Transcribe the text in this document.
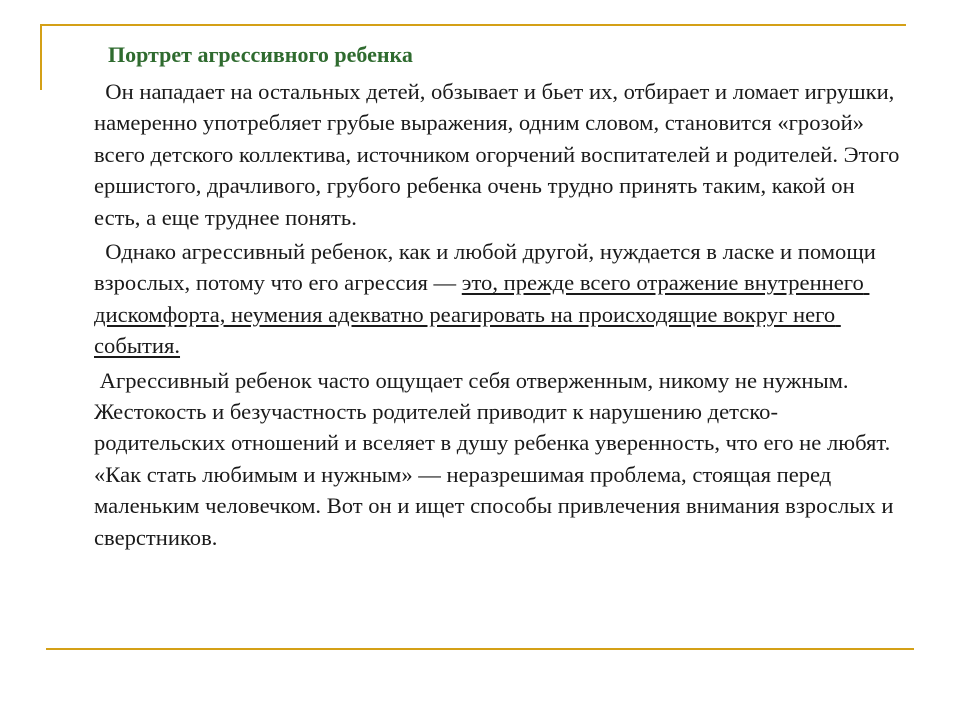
Портрет агрессивного ребенка

Он нападает на остальных детей, обзывает и бьет их, отбирает и ломает игрушки, намеренно употребляет грубые выражения, одним словом, становится «грозой» всего детского коллектива, источником огорчений воспитателей и родителей. Этого ершистого, драчливого, грубого ребенка очень трудно принять таким, какой он есть, а еще труднее понять.

Однако агрессивный ребенок, как и любой другой, нуждается в ласке и помощи взрослых, потому что его агрессия — это, прежде всего отражение внутреннего дискомфорта, неумения адекватно реагировать на происходящие вокруг него события.

Агрессивный ребенок часто ощущает себя отверженным, никому не нужным. Жестокость и безучастность родителей приводит к нарушению детско-родительских отношений и вселяет в душу ребенка уверенность, что его не любят. «Как стать любимым и нужным» — неразрешимая проблема, стоящая перед маленьким человечком. Вот он и ищет способы привлечения внимания взрослых и сверстников.
